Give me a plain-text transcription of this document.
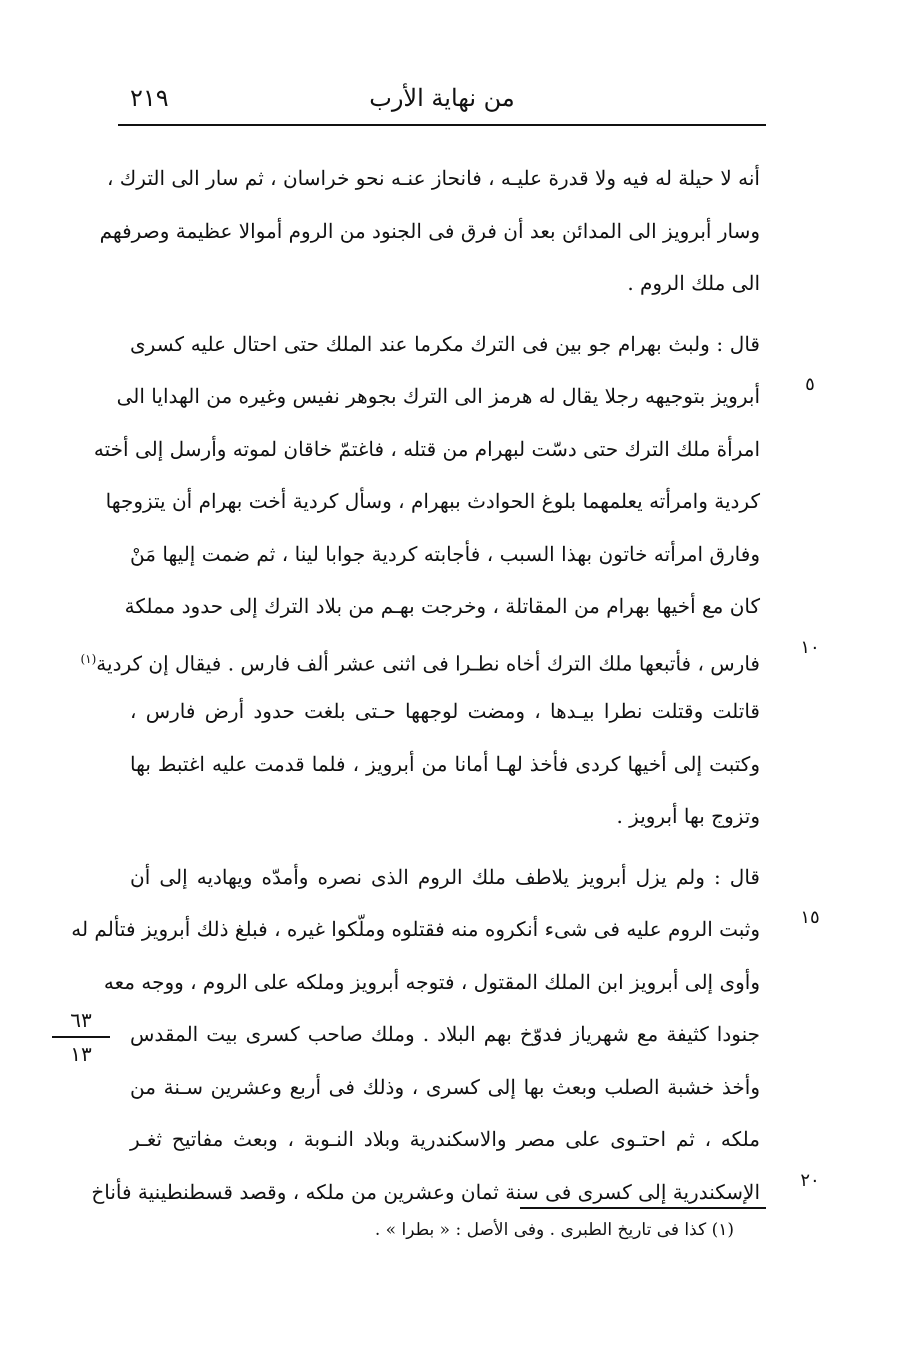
٢١٩	من نهاية الأرب
أنه لا حيلة له فيه ولا قدرة عليـه ، فانحاز عنـه نحو خراسان ، ثم سار الى الترك ،
وسار أبرويز الى المدائن بعد أن فرق فى الجنود من الروم أموالا عظيمة وصرفهم
الى ملك الروم .
قال : ولبث بهرام جو بين فى الترك مكرما عند الملك حتى احتال عليه كسرى
أبرويز بتوجيهه رجلا يقال له هرمز الى الترك بجوهر نفيس وغيره من الهدايا الى
امرأة ملك الترك حتى دسّت لبهرام من قتله ، فاغتمّ خاقان لموته وأرسل إلى أخته
كردية وامرأته يعلمهما بلوغ الحوادث ببهرام ، وسأل كردية أخت بهرام أن يتزوجها
وفارق امرأته خاتون بهذا السبب ، فأجابته كردية جوابا لينا ، ثم ضمت إليها مَنْ
كان مع أخيها بهرام من المقاتلة ، وخرجت بهـم من بلاد الترك إلى حدود مملكة
فارس ، فأتبعها ملك الترك أخاه نطـرا فى اثنى عشر ألف فارس . فيقال إن كردية$^{(١)}$
قاتلت وقتلت نطرا بيـدها ، ومضت لوجهها حـتى بلغت حدود أرض فارس ،
وكتبت إلى أخيها كردى فأخذ لهـا أمانا من أبرويز ، فلما قدمت عليه اغتبط بها
وتزوج بها أبرويز .
قال : ولم يزل أبرويز يلاطف ملك الروم الذى نصره وأمدّه ويهاديه إلى أن
وثبت الروم عليه فى شىء أنكروه منه فقتلوه وملّكوا غيره ، فبلغ ذلك أبرويز فتألم له
وأوى إلى أبرويز ابن الملك المقتول ، فتوجه أبرويز وملكه على الروم ، ووجه معه
جنودا كثيفة مع شهرياز فدوّخ بهم البلاد . وملك صاحب كسرى بيت المقدس
وأخذ خشبة الصلب وبعث بها إلى كسرى ، وذلك فى أربع وعشرين سـنة من
ملكه ، ثم احتـوى على مصر والاسكندرية وبلاد النـوبة ، وبعث مفاتيح ثغـر
الإسكندرية إلى كسرى فى سنة ثمان وعشرين من ملكه ، وقصد قسطنطينية فأناخ
٥
١٠
١٥
٢٠
٦٣
١٣
(١) كذا فى تاريخ الطبرى . وفى الأصل : « بطرا » .
